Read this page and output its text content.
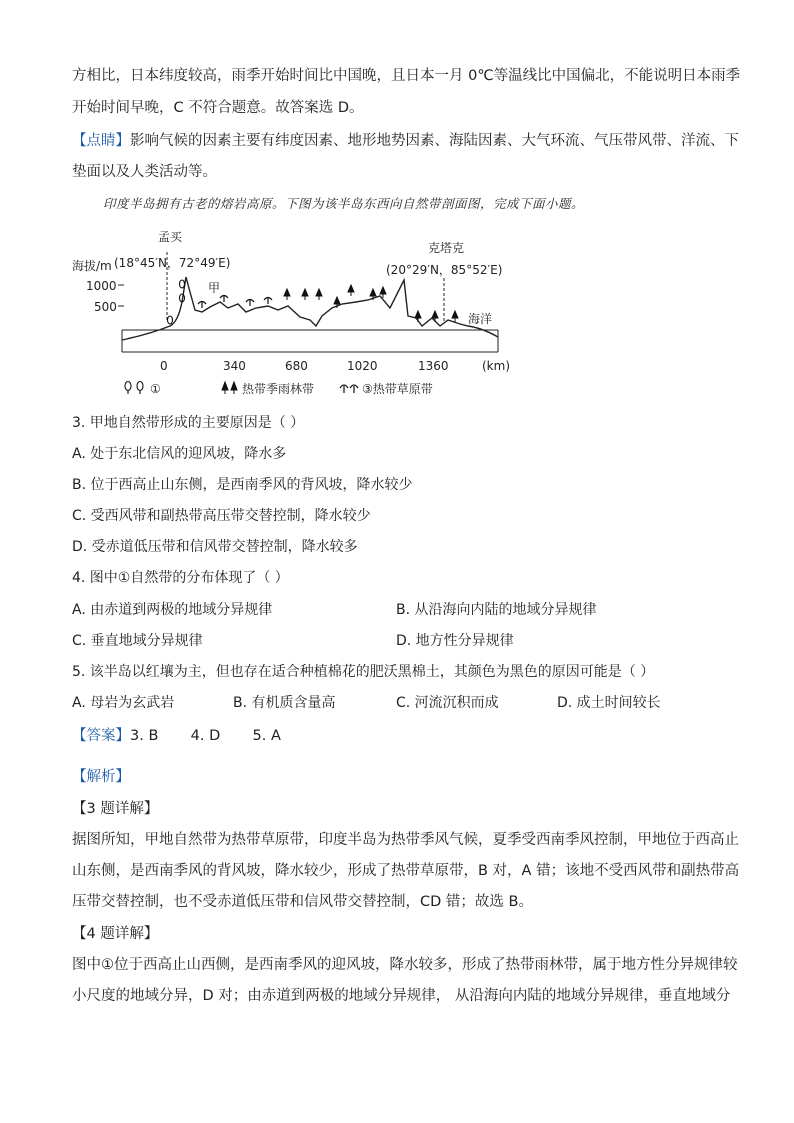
方相比，日本纬度较高，雨季开始时间比中国晚，且日本一月 0℃等温线比中国偏北，不能说明日本雨季
开始时间早晚，C 不符合题意。故答案选 D。
【点睛】影响气候的因素主要有纬度因素、地形地势因素、海陆因素、大气环流、气压带风带、洋流、下
垫面以及人类活动等。
印度半岛拥有古老的熔岩高原。下图为该半岛东西向自然带剖面图，完成下面小题。
孟买
海拔/m (18°45′N，72°49′E)
克塔克
(20°29′N，85°52′E)
1000
500
海洋
甲
0	340	680	1020	1360	(km)
①	热带季雨林带	③热带草原带
3. 甲地自然带形成的主要原因是（ ）
A. 处于东北信风的迎风坡，降水多
B. 位于西高止山东侧，是西南季风的背风坡，降水较少
C. 受西风带和副热带高压带交替控制，降水较少
D. 受赤道低压带和信风带交替控制，降水较多
4. 图中①自然带的分布体现了（ ）
A. 由赤道到两极的地域分异规律	B. 从沿海向内陆的地域分异规律
C. 垂直地域分异规律	D. 地方性分异规律
5. 该半岛以红壤为主，但也存在适合种植棉花的肥沃黑棉土，其颜色为黑色的原因可能是（ ）
A. 母岩为玄武岩	B. 有机质含量高	C. 河流沉积而成	D. 成土时间较长
【答案】3. B       4. D       5. A
【解析】
【3 题详解】
据图所知，甲地自然带为热带草原带，印度半岛为热带季风气候，夏季受西南季风控制，甲地位于西高止
山东侧，是西南季风的背风坡，降水较少，形成了热带草原带，B 对，A 错；该地不受西风带和副热带高
压带交替控制，也不受赤道低压带和信风带交替控制，CD 错；故选 B。
【4 题详解】
图中①位于西高止山西侧，是西南季风的迎风坡，降水较多，形成了热带雨林带，属于地方性分异规律较
小尺度的地域分异，D 对；由赤道到两极的地域分异规律， 从沿海向内陆的地域分异规律，垂直地域分
